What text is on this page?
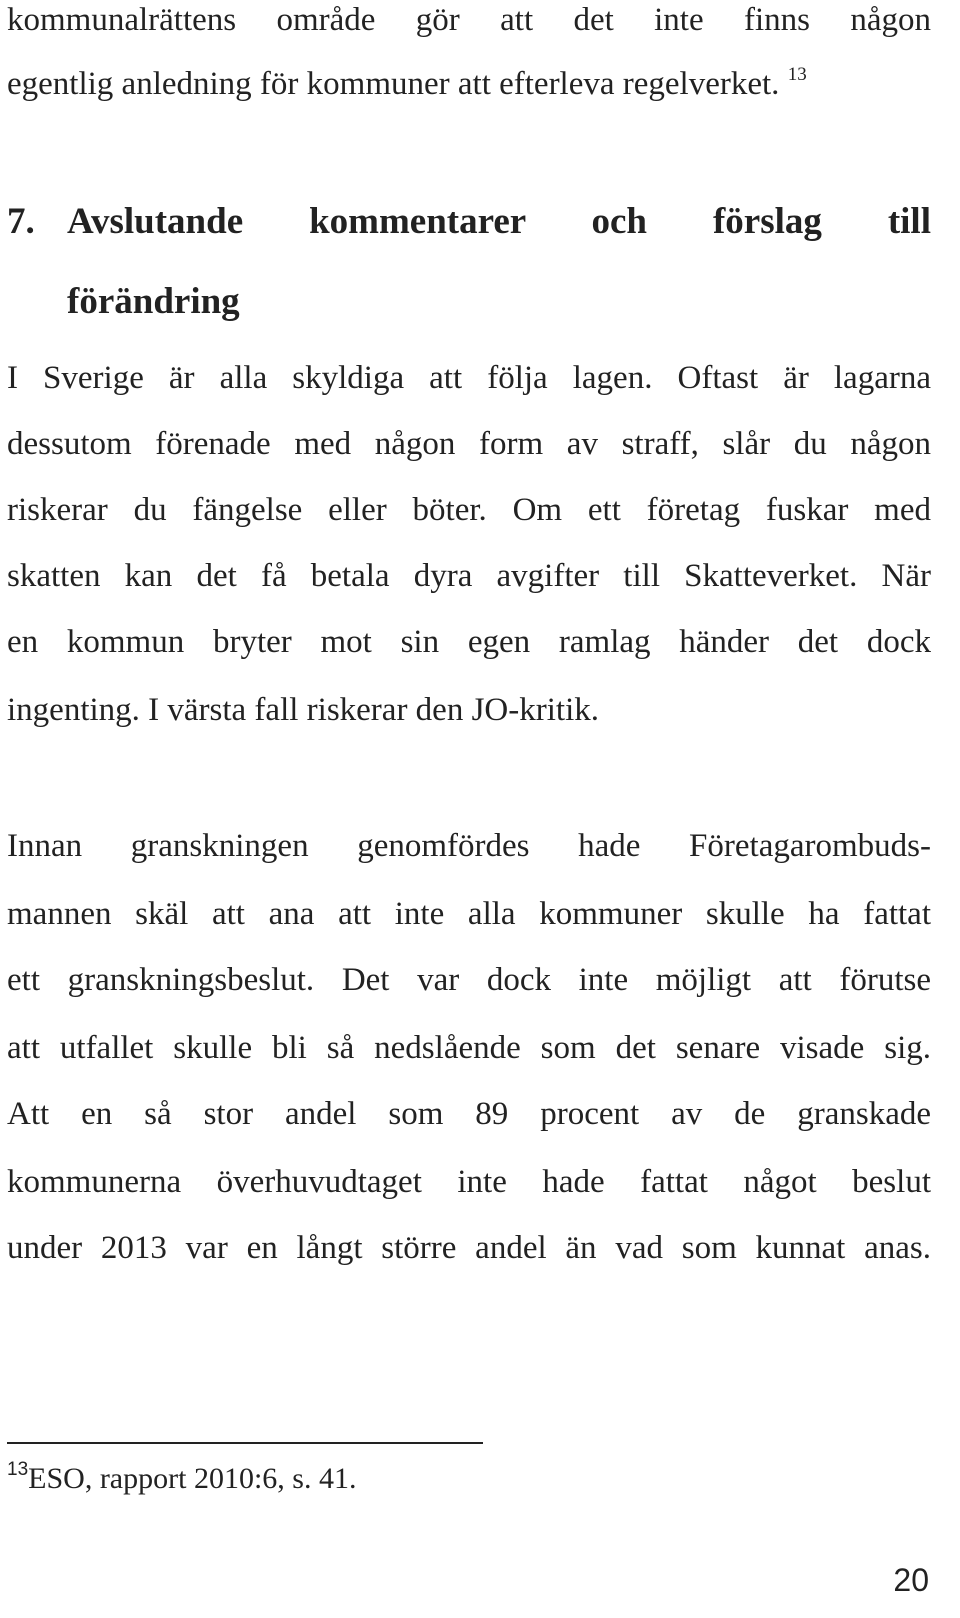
kommunalrättens område gör att det inte finns någon
egentlig anledning för kommuner att efterleva regelverket. $^{13}$
7. Avslutande kommentarer och förslag till
förändring
I Sverige är alla skyldiga att följa lagen. Oftast är lagarna
dessutom förenade med någon form av straff, slår du någon
riskerar du fängelse eller böter. Om ett företag fuskar med
skatten kan det få betala dyra avgifter till Skatteverket. När
en kommun bryter mot sin egen ramlag händer det dock
ingenting. I värsta fall riskerar den JO-kritik.
Innan granskningen genomfördes hade Företagarombuds-
mannen skäl att ana att inte alla kommuner skulle ha fattat
ett granskningsbeslut. Det var dock inte möjligt att förutse
att utfallet skulle bli så nedslående som det senare visade sig.
Att en så stor andel som 89 procent av de granskade
kommunerna överhuvudtaget inte hade fattat något beslut
under 2013 var en långt större andel än vad som kunnat anas.
$^{13}$ESO, rapport 2010:6, s. 41.
20
